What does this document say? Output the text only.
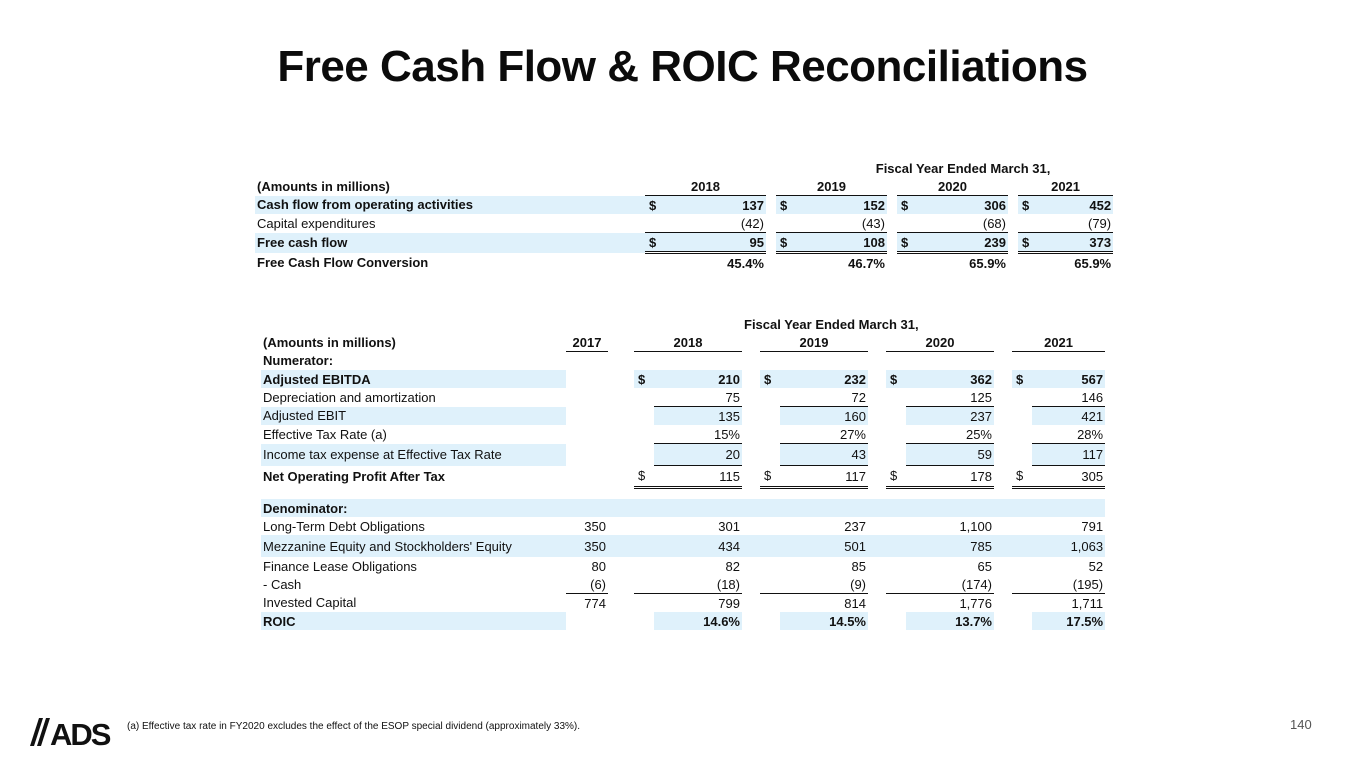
Free Cash Flow & ROIC Reconciliations
	Fiscal Year Ended March 31,										
(Amounts in millions)	2018			2019			2020			2021	
Cash flow from operating activities	$	137		$	152		$	306		$	452
Capital expenditures		(42)			(43)			(68)			(79)
Free cash flow	$	95		$	108		$	239		$	373
Free Cash Flow Conversion		45.4%			46.7%			65.9%			65.9%
			Fiscal Year Ended March 31,										
(Amounts in millions)	2017		2018			2019			2020			2021	
Numerator:													
Adjusted EBITDA			$	210		$	232		$	362		$	567
Depreciation and amortization				75			72			125			146
Adjusted EBIT				135			160			237			421
Effective Tax Rate (a)				15%			27%			25%			28%
Income tax expense at Effective Tax Rate				20			43			59			117
Net Operating Profit After Tax			$	115		$	117		$	178		$	305

Denominator:													
Long-Term Debt Obligations	350			301			237			1,100			791
Mezzanine Equity and Stockholders' Equity	350			434			501			785			1,063
Finance Lease Obligations	80			82			85			65			52
- Cash	(6)			(18)			(9)			(174)			(195)
Invested Capital	774			799			814			1,776			1,711
ROIC				14.6%			14.5%			13.7%			17.5%
ADS (a) Effective tax rate in FY2020 excludes the effect of the ESOP special dividend (approximately 33%).	140
